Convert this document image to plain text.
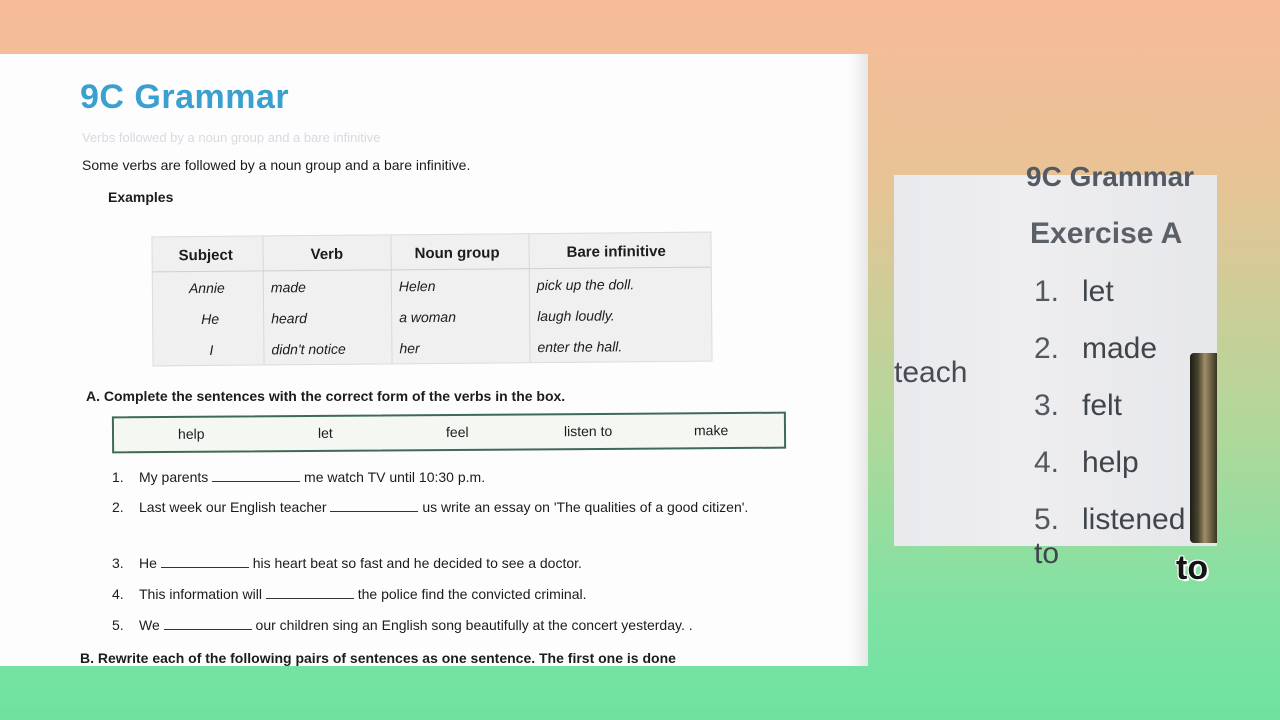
9C Grammar
Verbs followed by a noun group and a bare infinitive
Some verbs are followed by a noun group and a bare infinitive.
Examples
Subject	Verb	Noun group	Bare infinitive
Annie	made	Helen	pick up the doll.
He	heard	a woman	laugh loudly.
I	didn't notice	her	enter the hall.
A. Complete the sentences with the correct form of the verbs in the box.
help	let	feel	listen to	make
1. My parents	me watch TV until 10:30 p.m.
2. Last week our English teacher	us write an essay on 'The qualities of a good citizen'.
3. He	his heart beat so fast and he decided to see a doctor.
4. This information will	the police find the convicted criminal.
5. We	our children sing an English song beautifully at the concert yesterday. .
B. Rewrite each of the following pairs of sentences as one sentence. The first one is done
9C Grammar
Exercise A
teach
1. let
2. made
3. felt
4. help
5. listened to	to
